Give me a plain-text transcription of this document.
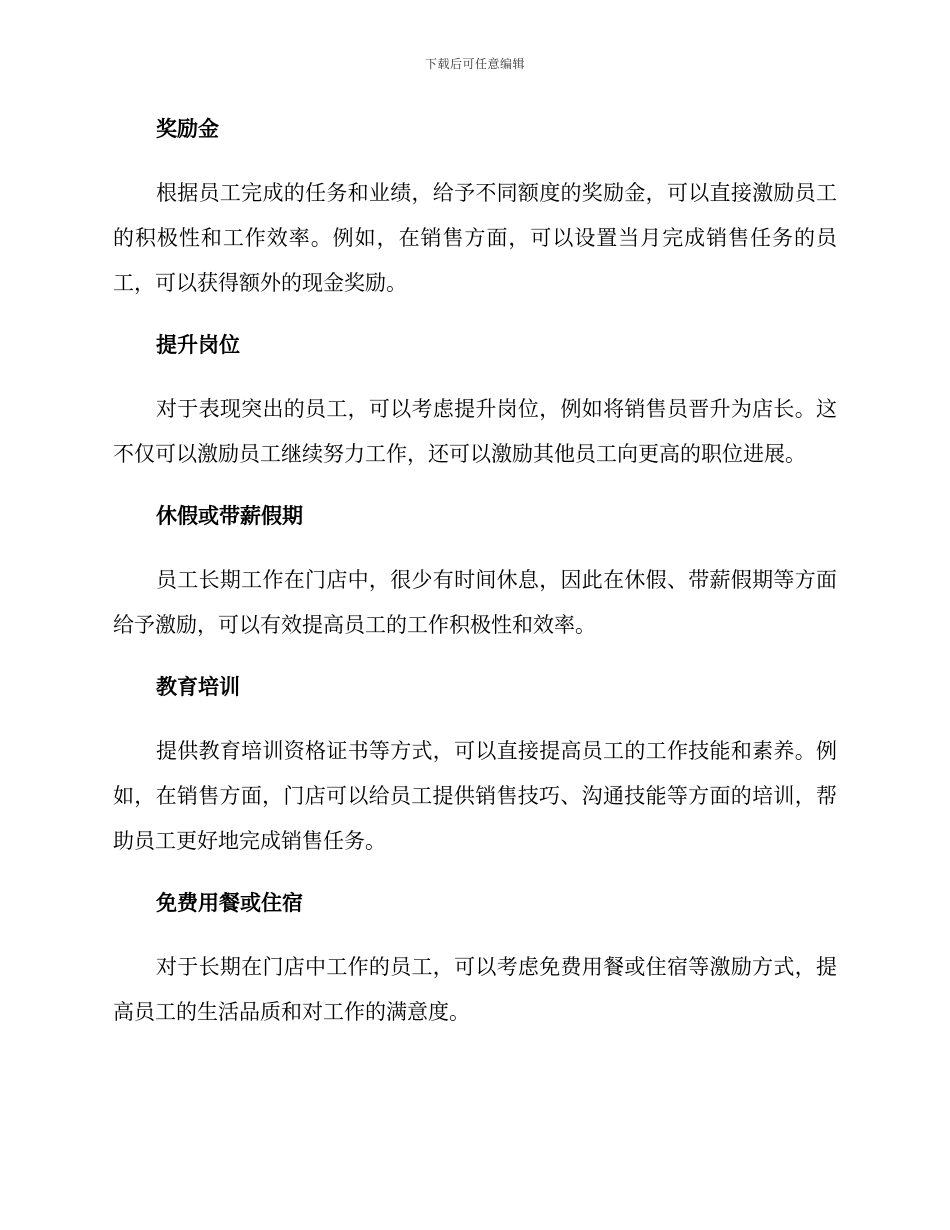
下载后可任意编辑
奖励金

根据员工完成的任务和业绩，给予不同额度的奖励金，可以直接激励员工的积极性和工作效率。例如，在销售方面，可以设置当月完成销售任务的员工，可以获得额外的现金奖励。

提升岗位

对于表现突出的员工，可以考虑提升岗位，例如将销售员晋升为店长。这不仅可以激励员工继续努力工作，还可以激励其他员工向更高的职位进展。

休假或带薪假期

员工长期工作在门店中，很少有时间休息，因此在休假、带薪假期等方面给予激励，可以有效提高员工的工作积极性和效率。

教育培训

提供教育培训资格证书等方式，可以直接提高员工的工作技能和素养。例如，在销售方面，门店可以给员工提供销售技巧、沟通技能等方面的培训，帮助员工更好地完成销售任务。

免费用餐或住宿

对于长期在门店中工作的员工，可以考虑免费用餐或住宿等激励方式，提高员工的生活品质和对工作的满意度。
